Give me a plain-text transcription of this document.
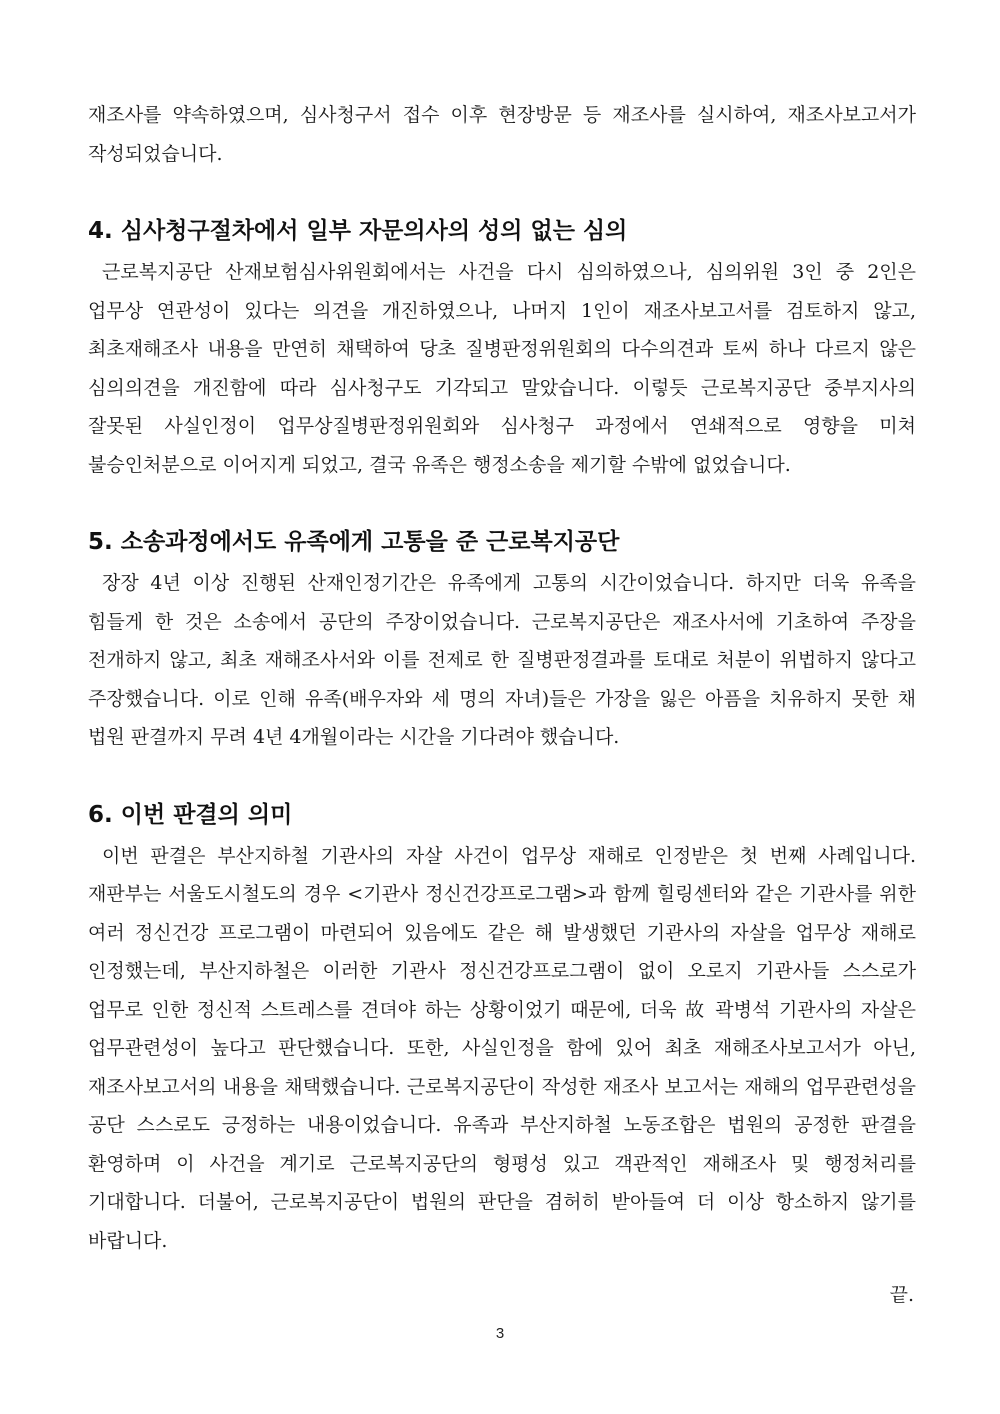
재조사를 약속하였으며, 심사청구서 접수 이후 현장방문 등 재조사를 실시하여, 재조사보고서가 작성되었습니다.

4. 심사청구절차에서 일부 자문의사의 성의 없는 심의

근로복지공단 산재보험심사위원회에서는 사건을 다시 심의하였으나, 심의위원 3인 중 2인은 업무상 연관성이 있다는 의견을 개진하였으나, 나머지 1인이 재조사보고서를 검토하지 않고, 최초재해조사 내용을 만연히 채택하여 당초 질병판정위원회의 다수의견과 토씨 하나 다르지 않은 심의의견을 개진함에 따라 심사청구도 기각되고 말았습니다. 이렇듯 근로복지공단 중부지사의 잘못된 사실인정이 업무상질병판정위원회와 심사청구 과정에서 연쇄적으로 영향을 미쳐 불승인처분으로 이어지게 되었고, 결국 유족은 행정소송을 제기할 수밖에 없었습니다.

5. 소송과정에서도 유족에게 고통을 준 근로복지공단

장장 4년 이상 진행된 산재인정기간은 유족에게 고통의 시간이었습니다. 하지만 더욱 유족을 힘들게 한 것은 소송에서 공단의 주장이었습니다. 근로복지공단은 재조사서에 기초하여 주장을 전개하지 않고, 최초 재해조사서와 이를 전제로 한 질병판정결과를 토대로 처분이 위법하지 않다고 주장했습니다. 이로 인해 유족(배우자와 세 명의 자녀)들은 가장을 잃은 아픔을 치유하지 못한 채 법원 판결까지 무려 4년 4개월이라는 시간을 기다려야 했습니다.

6. 이번 판결의 의미

이번 판결은 부산지하철 기관사의 자살 사건이 업무상 재해로 인정받은 첫 번째 사례입니다.재판부는 서울도시철도의 경우 <기관사 정신건강프로그램>과 함께 힐링센터와 같은 기관사를 위한 여러 정신건강 프로그램이 마련되어 있음에도 같은 해 발생했던 기관사의 자살을 업무상 재해로 인정했는데, 부산지하철은 이러한 기관사 정신건강프로그램이 없이 오로지 기관사들 스스로가 업무로 인한 정신적 스트레스를 견뎌야 하는 상황이었기 때문에, 더욱 故 곽병석 기관사의 자살은 업무관련성이 높다고 판단했습니다. 또한, 사실인정을 함에 있어 최초 재해조사보고서가 아닌, 재조사보고서의 내용을 채택했습니다. 근로복지공단이 작성한 재조사 보고서는 재해의 업무관련성을 공단 스스로도 긍정하는 내용이었습니다. 유족과 부산지하철 노동조합은 법원의 공정한 판결을 환영하며 이 사건을 계기로 근로복지공단의 형평성 있고 객관적인 재해조사 및 행정처리를 기대합니다. 더불어, 근로복지공단이 법원의 판단을 겸허히 받아들여 더 이상 항소하지 않기를 바랍니다.

끝.
3
